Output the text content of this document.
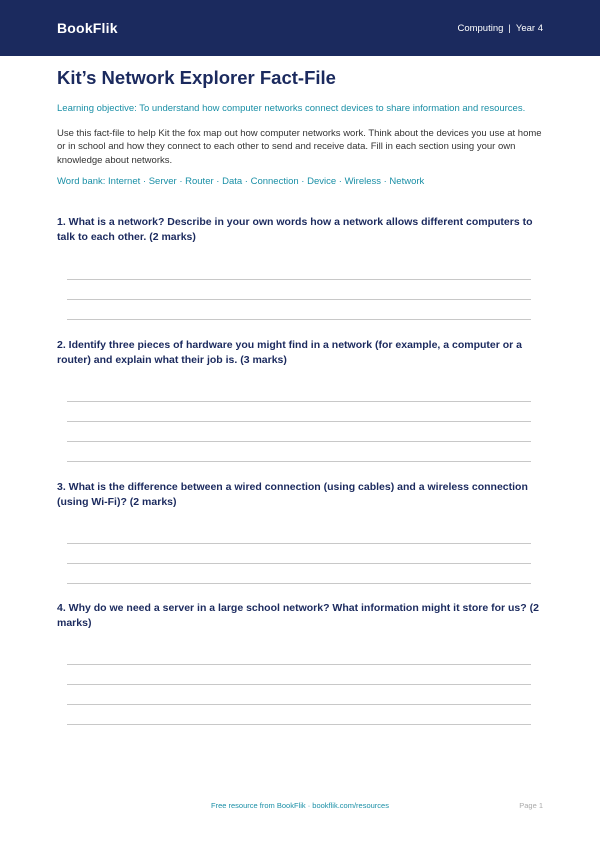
BookFlik	Computing | Year 4
Kit’s Network Explorer Fact-File

Learning objective: To understand how computer networks connect devices to share information and resources.

Use this fact-file to help Kit the fox map out how computer networks work. Think about the devices you use at home or in school and how they connect to each other to send and receive data. Fill in each section using your own knowledge about networks.

Word bank: Internet · Server · Router · Data · Connection · Device · Wireless · Network

1. What is a network? Describe in your own words how a network allows different computers to talk to each other. (2 marks)

2. Identify three pieces of hardware you might find in a network (for example, a computer or a router) and explain what their job is. (3 marks)

3. What is the difference between a wired connection (using cables) and a wireless connection (using Wi-Fi)? (2 marks)

4. Why do we need a server in a large school network? What information might it store for us? (2 marks)

Free resource from BookFlik · bookflik.com/resources	Page 1
